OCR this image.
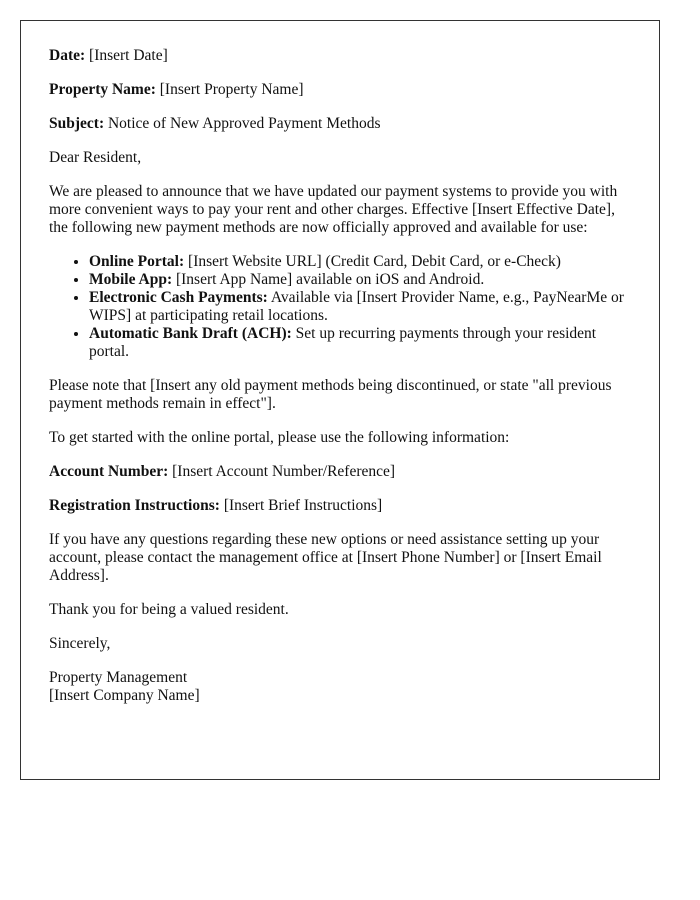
Date: [Insert Date]

Property Name: [Insert Property Name]

Subject: Notice of New Approved Payment Methods

Dear Resident,

We are pleased to announce that we have updated our payment systems to provide you with more convenient ways to pay your rent and other charges. Effective [Insert Effective Date], the following new payment methods are now officially approved and available for use:

• Online Portal: [Insert Website URL] (Credit Card, Debit Card, or e-Check)
• Mobile App: [Insert App Name] available on iOS and Android.
• Electronic Cash Payments: Available via [Insert Provider Name, e.g., PayNearMe or WIPS] at participating retail locations.
• Automatic Bank Draft (ACH): Set up recurring payments through your resident portal.

Please note that [Insert any old payment methods being discontinued, or state "all previous payment methods remain in effect"].

To get started with the online portal, please use the following information:

Account Number: [Insert Account Number/Reference]

Registration Instructions: [Insert Brief Instructions]

If you have any questions regarding these new options or need assistance setting up your account, please contact the management office at [Insert Phone Number] or [Insert Email Address].

Thank you for being a valued resident.

Sincerely,

Property Management

[Insert Company Name]
